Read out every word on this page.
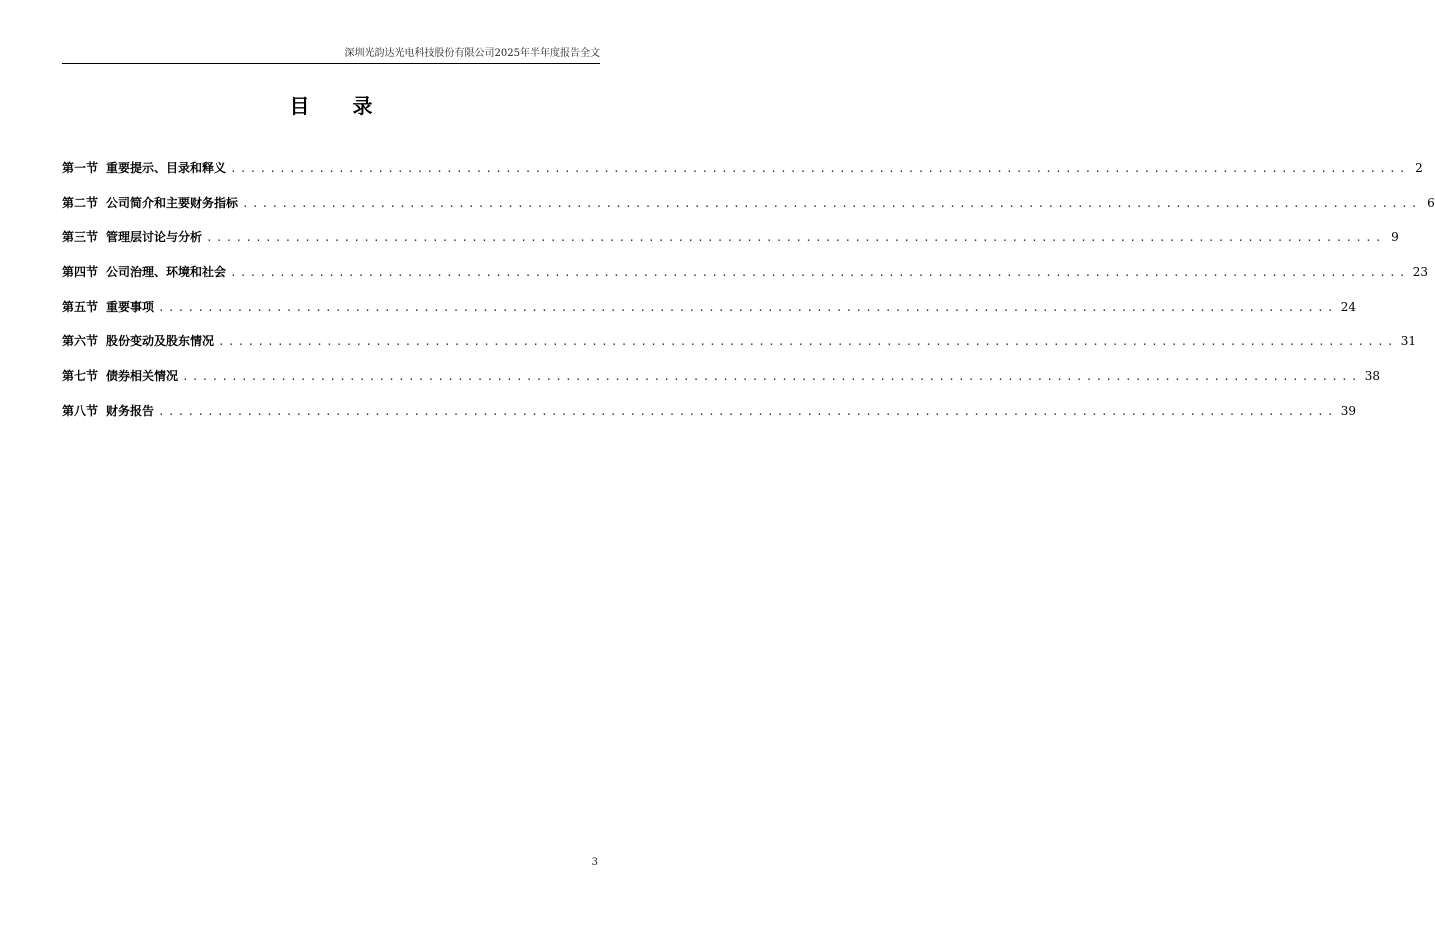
深圳光韵达光电科技股份有限公司2025年半年度报告全文
目 录
第一节 重要提示、目录和释义 ........................................................................................................................ 2
第二节 公司简介和主要财务指标 ........................................................................................................................ 6
第三节 管理层讨论与分析 ........................................................................................................................ 9
第四节 公司治理、环境和社会 ........................................................................................................................ 23
第五节 重要事项 ........................................................................................................................ 24
第六节 股份变动及股东情况 ........................................................................................................................ 31
第七节 债券相关情况 ........................................................................................................................ 38
第八节 财务报告 ........................................................................................................................ 39
3
